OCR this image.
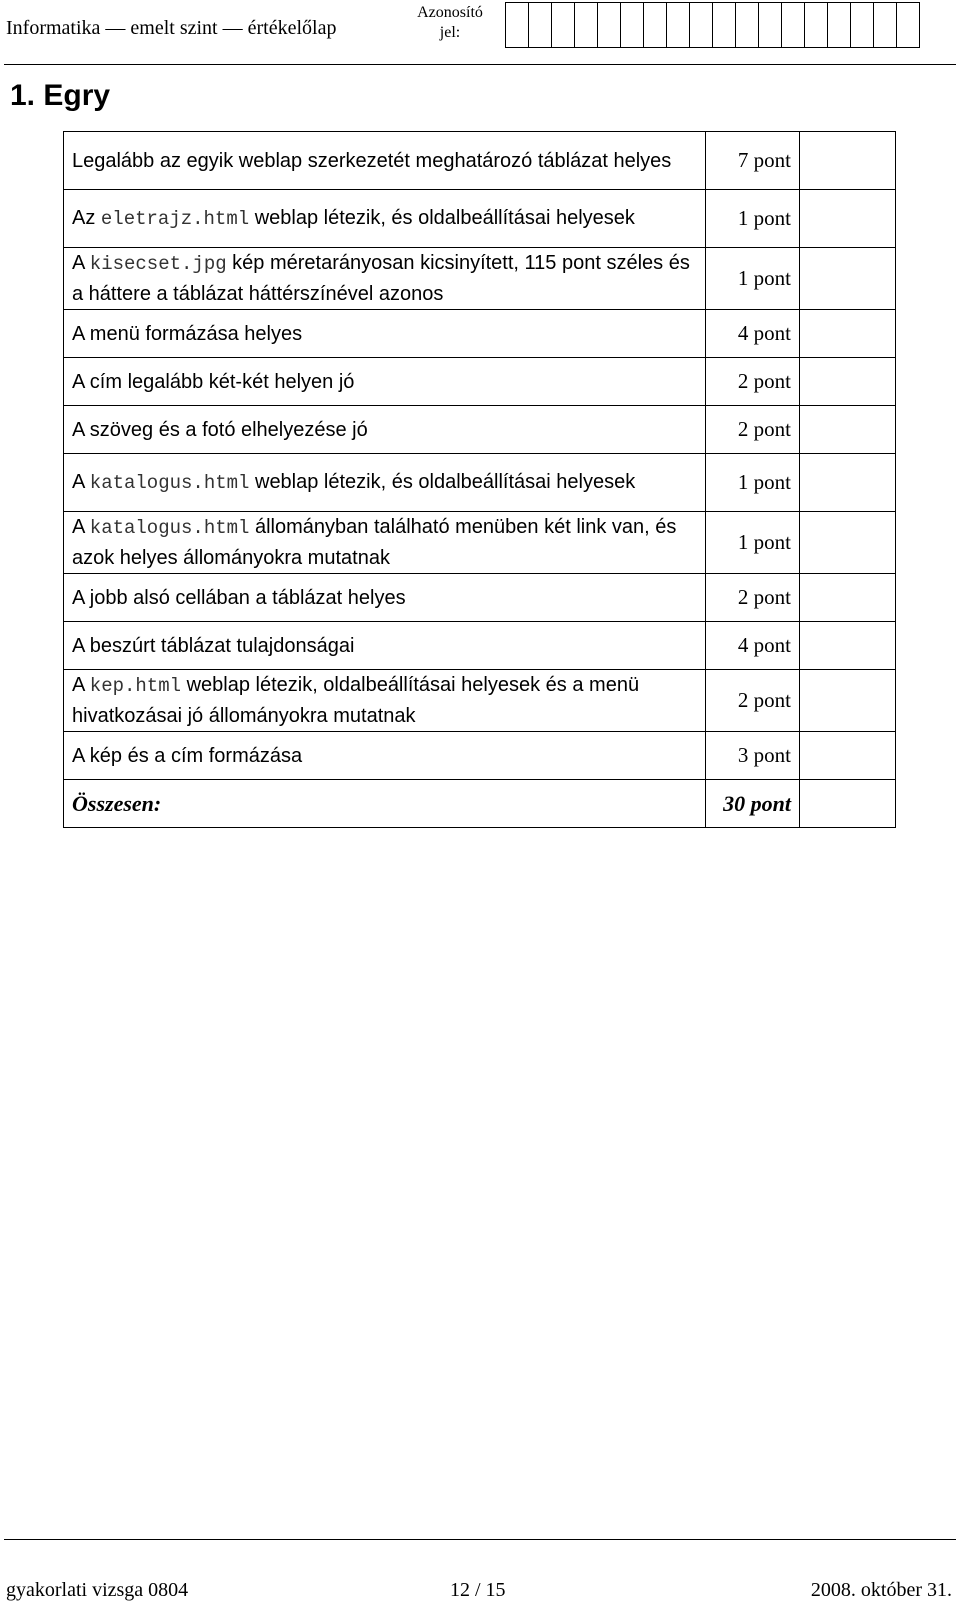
Informatika — emelt szint — értékelőlap
Azonosító
jel:
1. Egry
Legalább az egyik weblap szerkezetét meghatározó táblázat helyes	7 pont	
Az eletrajz.html weblap létezik, és oldalbeállításai helyesek	1 pont	
A kisecset.jpg kép méretarányosan kicsinyített, 115 pont széles és a háttere a táblázat háttérszínével azonos	1 pont	
A menü formázása helyes	4 pont	
A cím legalább két-két helyen jó	2 pont	
A szöveg és a fotó elhelyezése jó	2 pont	
A katalogus.html weblap létezik, és oldalbeállításai helyesek	1 pont	
A katalogus.html állományban található menüben két link van, és azok helyes állományokra mutatnak	1 pont	
A jobb alsó cellában a táblázat helyes	2 pont	
A beszúrt táblázat tulajdonságai	4 pont	
A kep.html weblap létezik, oldalbeállításai helyesek és a menü hivatkozásai jó állományokra mutatnak	2 pont	
A kép és a cím formázása	3 pont	
Összesen:	30 pont	
gyakorlati vizsga 0804	12 / 15	2008. október 31.
